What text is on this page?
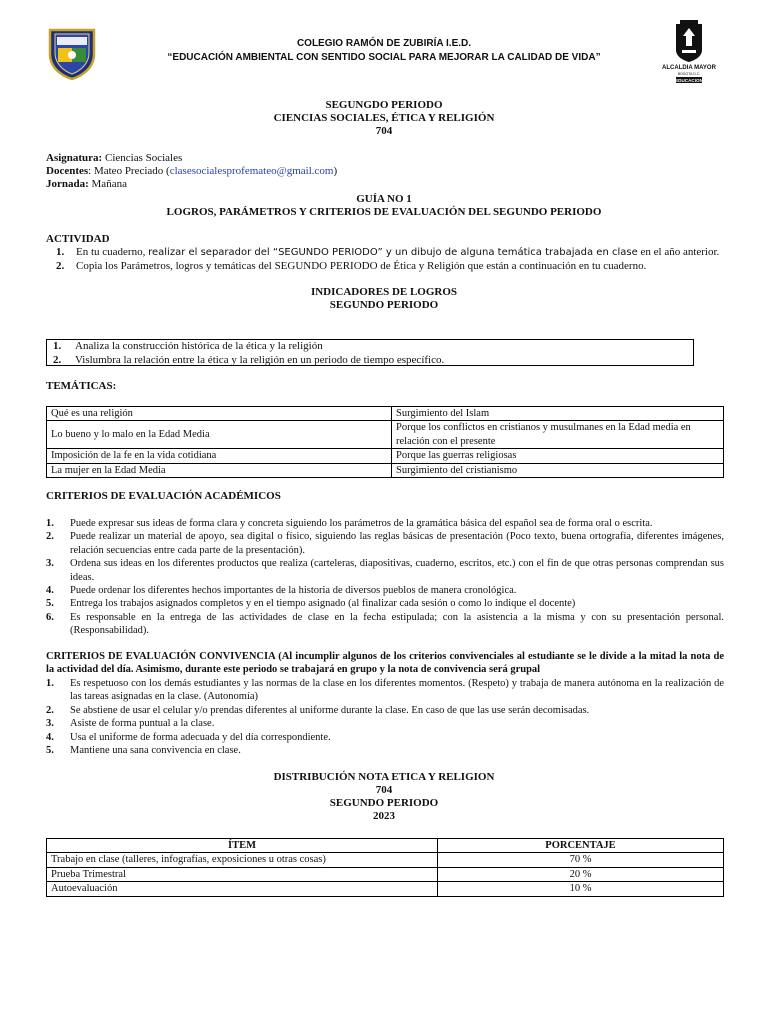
COLEGIO RAMÓN DE ZUBIRÍA I.E.D.
“EDUCACIÓN AMBIENTAL CON SENTIDO SOCIAL PARA MEJORAR LA CALIDAD DE VIDA”
ALCALDIA MAYOR
BOGOTA D.C.
EDUCACION
SEGUNGDO PERIODO
CIENCIAS SOCIALES, ÉTICA Y RELIGIÓN
704
Asignatura: Ciencias Sociales
Docentes: Mateo Preciado (clasesocialesprofemateo@gmail.com)
Jornada: Mañana
GUÍA NO 1
LOGROS, PARÁMETROS Y CRITERIOS DE EVALUACIÓN DEL SEGUNDO PERIODO
ACTIVIDAD
1. En tu cuaderno, realizar el separador del “SEGUNDO PERIODO” y un dibujo de alguna temática trabajada en clase en el año anterior.
2. Copia los Parámetros, logros y temáticas del SEGUNDO PERIODO de Ética y Religión que están a continuación en tu cuaderno.
INDICADORES DE LOGROS
SEGUNDO PERIODO
1. Analiza la construcción histórica de la ética y la religión
2. Vislumbra la relación entre la ética y la religión en un periodo de tiempo específico.
TEMÁTICAS:
Qué es una religión	Surgimiento del Islam
Lo bueno y lo malo en la Edad Media	Porque los conflictos en cristianos y musulmanes en la Edad media en relación con el presente
Imposición de la fe en la vida cotidiana	Porque las guerras religiosas
La mujer en la Edad Media	Surgimiento del cristianismo
CRITERIOS DE EVALUACIÓN ACADÉMICOS
1. Puede expresar sus ideas de forma clara y concreta siguiendo los parámetros de la gramática básica del español sea de forma oral o escrita.
2. Puede realizar un material de apoyo, sea digital o físico, siguiendo las reglas básicas de presentación (Poco texto, buena ortografía, diferentes imágenes, relación secuencias entre cada parte de la presentación).
3. Ordena sus ideas en los diferentes productos que realiza (carteleras, diapositivas, cuaderno, escritos, etc.) con el fin de que otras personas comprendan sus ideas.
4. Puede ordenar los diferentes hechos importantes de la historia de diversos pueblos de manera cronológica.
5. Entrega los trabajos asignados completos y en el tiempo asignado (al finalizar cada sesión o como lo indique el docente)
6. Es responsable en la entrega de las actividades de clase en la fecha estipulada; con la asistencia a la misma y con su presentación personal. (Responsabilidad).
CRITERIOS DE EVALUACIÓN CONVIVENCIA (Al incumplir algunos de los criterios convivenciales al estudiante se le divide a la mitad la nota de la actividad del día. Asimismo, durante este periodo se trabajará en grupo y la nota de convivencia será grupal
1. Es respetuoso con los demás estudiantes y las normas de la clase en los diferentes momentos. (Respeto) y trabaja de manera autónoma en la realización de las tareas asignadas en la clase. (Autonomía)
2. Se abstiene de usar el celular y/o prendas diferentes al uniforme durante la clase. En caso de que las use serán decomisadas.
3. Asiste de forma puntual a la clase.
4. Usa el uniforme de forma adecuada y del día correspondiente.
5. Mantiene una sana convivencia en clase.
DISTRIBUCIÓN NOTA ETICA Y RELIGION
704
SEGUNDO PERIODO
2023
ÍTEM	PORCENTAJE
Trabajo en clase (talleres, infografías, exposiciones u otras cosas)	70 %
Prueba Trimestral	20 %
Autoevaluación	10 %
